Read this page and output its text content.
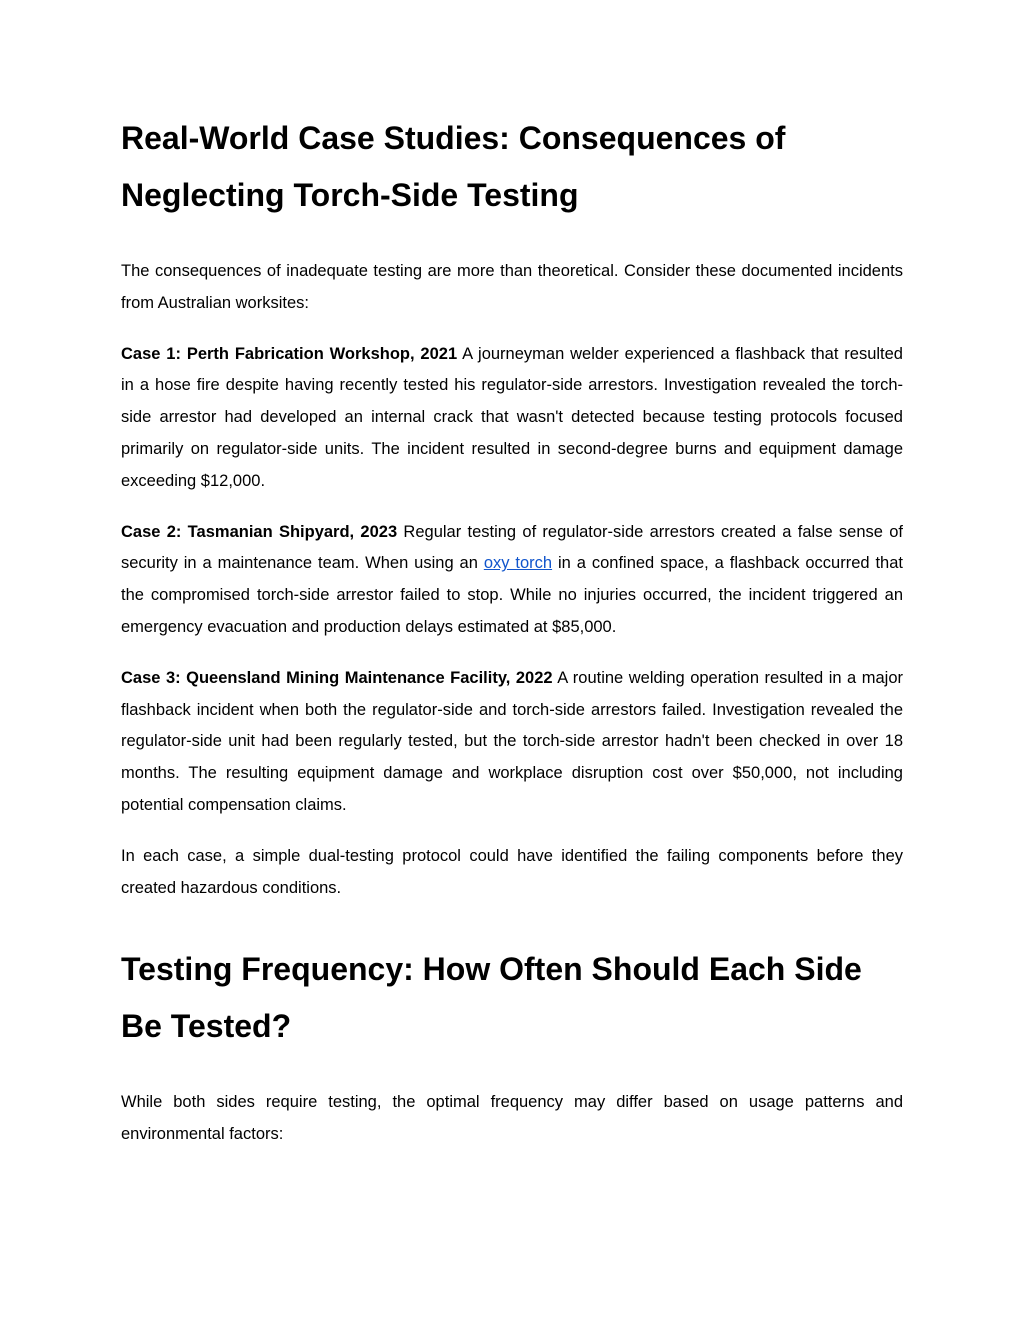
Real-World Case Studies: Consequences of Neglecting Torch-Side Testing

The consequences of inadequate testing are more than theoretical. Consider these documented incidents from Australian worksites:

Case 1: Perth Fabrication Workshop, 2021 A journeyman welder experienced a flashback that resulted in a hose fire despite having recently tested his regulator-side arrestors. Investigation revealed the torch-side arrestor had developed an internal crack that wasn't detected because testing protocols focused primarily on regulator-side units. The incident resulted in second-degree burns and equipment damage exceeding $12,000.

Case 2: Tasmanian Shipyard, 2023 Regular testing of regulator-side arrestors created a false sense of security in a maintenance team. When using an oxy torch in a confined space, a flashback occurred that the compromised torch-side arrestor failed to stop. While no injuries occurred, the incident triggered an emergency evacuation and production delays estimated at $85,000.

Case 3: Queensland Mining Maintenance Facility, 2022 A routine welding operation resulted in a major flashback incident when both the regulator-side and torch-side arrestors failed. Investigation revealed the regulator-side unit had been regularly tested, but the torch-side arrestor hadn't been checked in over 18 months. The resulting equipment damage and workplace disruption cost over $50,000, not including potential compensation claims.

In each case, a simple dual-testing protocol could have identified the failing components before they created hazardous conditions.

Testing Frequency: How Often Should Each Side Be Tested?

While both sides require testing, the optimal frequency may differ based on usage patterns and environmental factors:
